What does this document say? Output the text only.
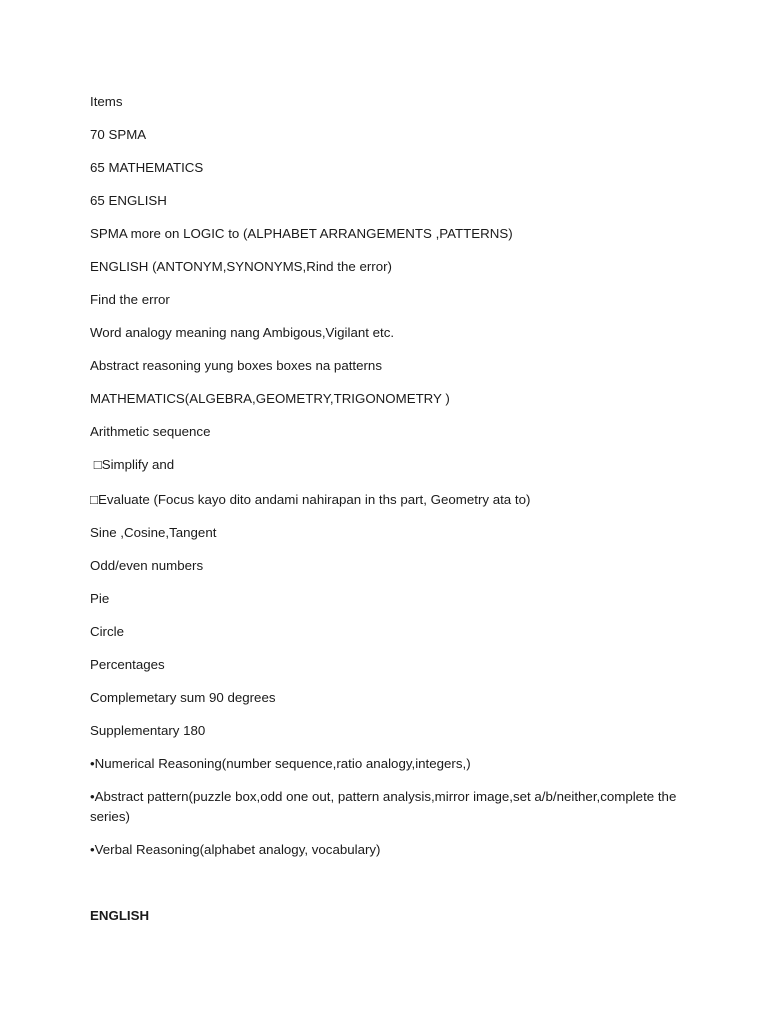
Items
70 SPMA
65 MATHEMATICS
65 ENGLISH
SPMA more on LOGIC to (ALPHABET ARRANGEMENTS ,PATTERNS)
ENGLISH (ANTONYM,SYNONYMS,Rind the error)
Find the error
Word analogy meaning nang Ambigous,Vigilant etc.
Abstract reasoning yung boxes boxes na patterns
MATHEMATICS(ALGEBRA,GEOMETRY,TRIGONOMETRY )
Arithmetic sequence
□Simplify and
□Evaluate (Focus kayo dito andami nahirapan in ths part, Geometry ata to)
Sine ,Cosine,Tangent
Odd/even numbers
Pie
Circle
Percentages
Complemetary sum 90 degrees
Supplementary 180
•Numerical Reasoning(number sequence,ratio analogy,integers,)
•Abstract pattern(puzzle box,odd one out, pattern analysis,mirror image,set a/b/neither,complete the series)
•Verbal Reasoning(alphabet analogy, vocabulary)
ENGLISH
